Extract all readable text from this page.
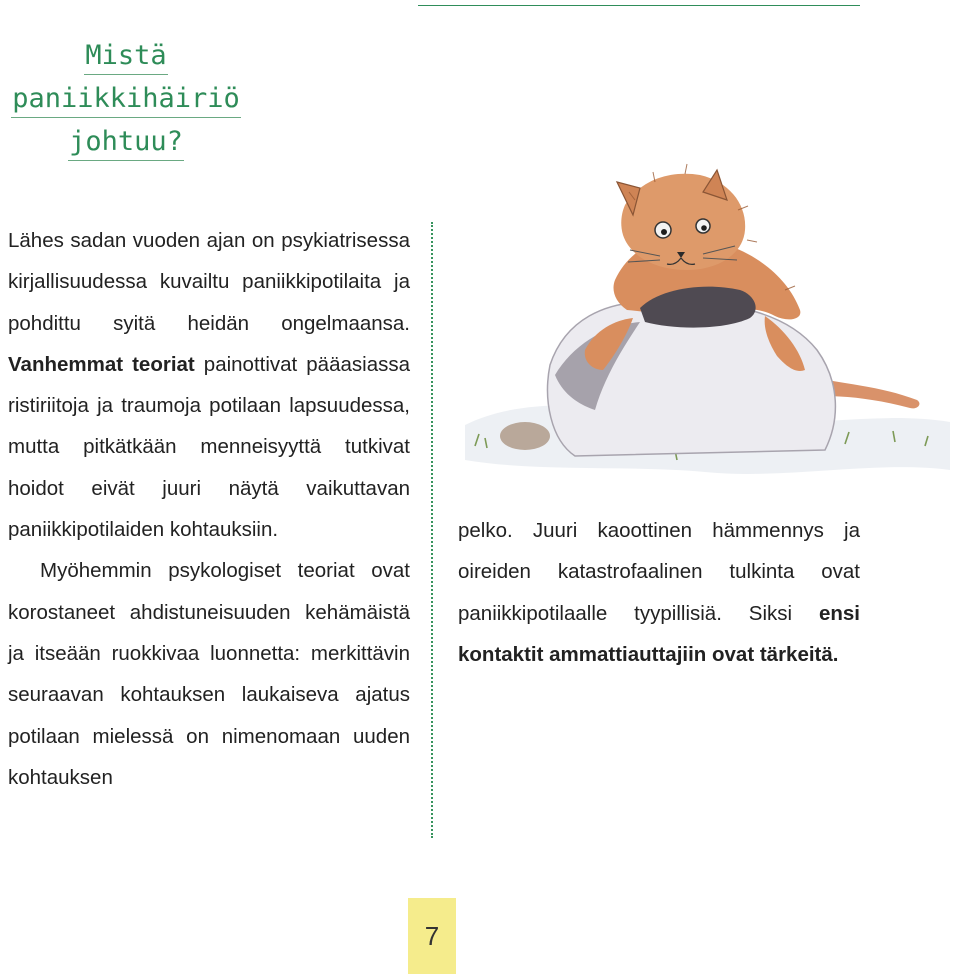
Mistä
paniikkihäiriö
johtuu?

Lähes sadan vuoden ajan on psykiatrisessa kirjallisuudessa kuvailtu paniikkipotilaita ja pohdittu syitä heidän ongelmaansa. Vanhemmat teoriat painottivat pääasiassa ristiriitoja ja traumoja potilaan lapsuudessa, mutta pitkätkään menneisyyttä tutkivat hoidot eivät juuri näytä vaikuttavan paniikkipotilaiden kohtauksiin.

Myöhemmin psykologiset teoriat ovat korostaneet ahdistuneisuuden kehämäistä ja itseään ruokkivaa luonnetta: merkittävin seuraavan kohtauksen laukaiseva ajatus potilaan mielessä on nimenomaan uuden kohtauksen

pelko. Juuri kaoottinen hämmennys ja oireiden katastrofaalinen tulkinta ovat paniikkipotilaalle tyypillisiä. Siksi ensi kontaktit ammattiauttajiin ovat tärkeitä.

7
